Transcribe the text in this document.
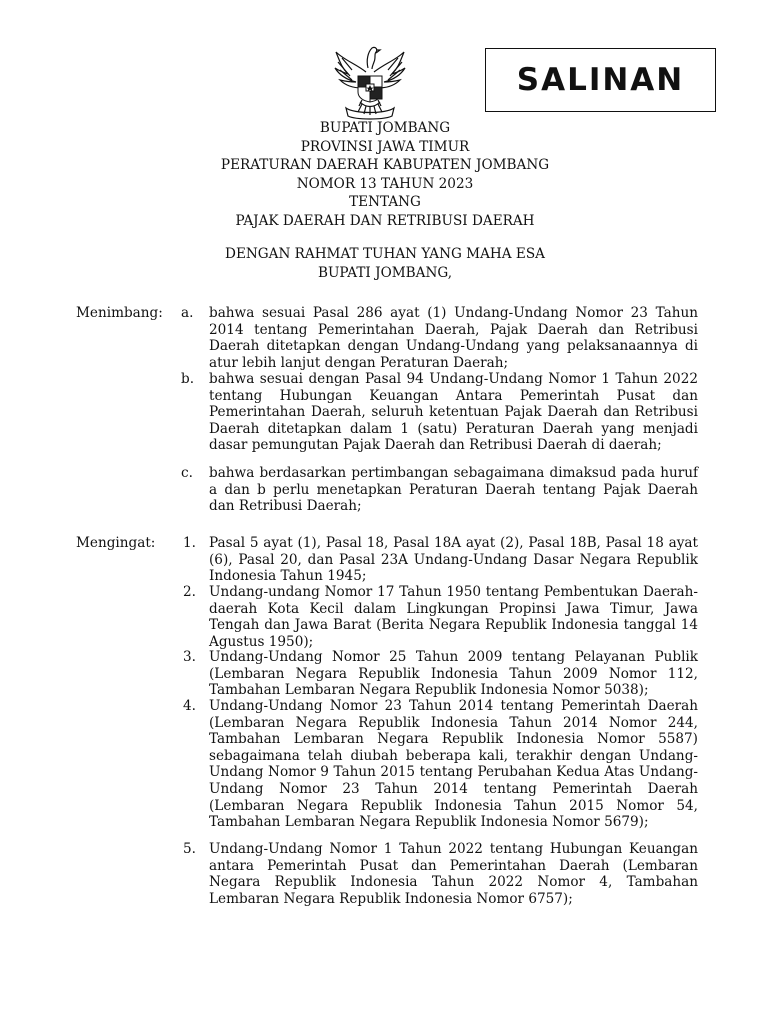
SALINAN
BUPATI JOMBANG
PROVINSI JAWA TIMUR
PERATURAN DAERAH KABUPATEN JOMBANG
NOMOR 13 TAHUN 2023
TENTANG
PAJAK DAERAH DAN RETRIBUSI DAERAH
DENGAN RAHMAT TUHAN YANG MAHA ESA
BUPATI JOMBANG,
Menimbang: a.	bahwa sesuai Pasal 286 ayat (1) Undang-Undang Nomor 23 Tahun 2014 tentang Pemerintahan Daerah, Pajak Daerah dan Retribusi Daerah ditetapkan dengan Undang-Undang yang pelaksanaannya di atur lebih lanjut dengan Peraturan Daerah;
b.	bahwa sesuai dengan Pasal 94 Undang-Undang Nomor 1 Tahun 2022 tentang Hubungan Keuangan Antara Pemerintah Pusat dan Pemerintahan Daerah, seluruh ketentuan Pajak Daerah dan Retribusi Daerah ditetapkan dalam 1 (satu) Peraturan Daerah yang menjadi dasar pemungutan Pajak Daerah dan Retribusi Daerah di daerah;
c.	bahwa berdasarkan pertimbangan sebagaimana dimaksud pada huruf a dan b perlu menetapkan Peraturan Daerah tentang Pajak Daerah dan Retribusi Daerah;
Mengingat: 1. Pasal 5 ayat (1), Pasal 18, Pasal 18A ayat (2), Pasal 18B, Pasal 18 ayat (6), Pasal 20, dan Pasal 23A Undang-Undang Dasar Negara Republik Indonesia Tahun 1945;
2. Undang-undang Nomor 17 Tahun 1950 tentang Pembentukan Daerah-daerah Kota Kecil dalam Lingkungan Propinsi Jawa Timur, Jawa Tengah dan Jawa Barat (Berita Negara Republik Indonesia tanggal 14 Agustus 1950);
3. Undang-Undang Nomor 25 Tahun 2009 tentang Pelayanan Publik (Lembaran Negara Republik Indonesia Tahun 2009 Nomor 112, Tambahan Lembaran Negara Republik Indonesia Nomor 5038);
4. Undang-Undang Nomor 23 Tahun 2014 tentang Pemerintah Daerah (Lembaran Negara Republik Indonesia Tahun 2014 Nomor 244, Tambahan Lembaran Negara Republik Indonesia Nomor 5587) sebagaimana telah diubah beberapa kali, terakhir dengan Undang-Undang Nomor 9 Tahun 2015 tentang Perubahan Kedua Atas Undang-Undang Nomor 23 Tahun 2014 tentang Pemerintah Daerah (Lembaran Negara Republik Indonesia Tahun 2015 Nomor 54, Tambahan Lembaran Negara Republik Indonesia Nomor 5679);
5. Undang-Undang Nomor 1 Tahun 2022 tentang Hubungan Keuangan antara Pemerintah Pusat dan Pemerintahan Daerah (Lembaran Negara Republik Indonesia Tahun 2022 Nomor 4, Tambahan Lembaran Negara Republik Indonesia Nomor 6757);
